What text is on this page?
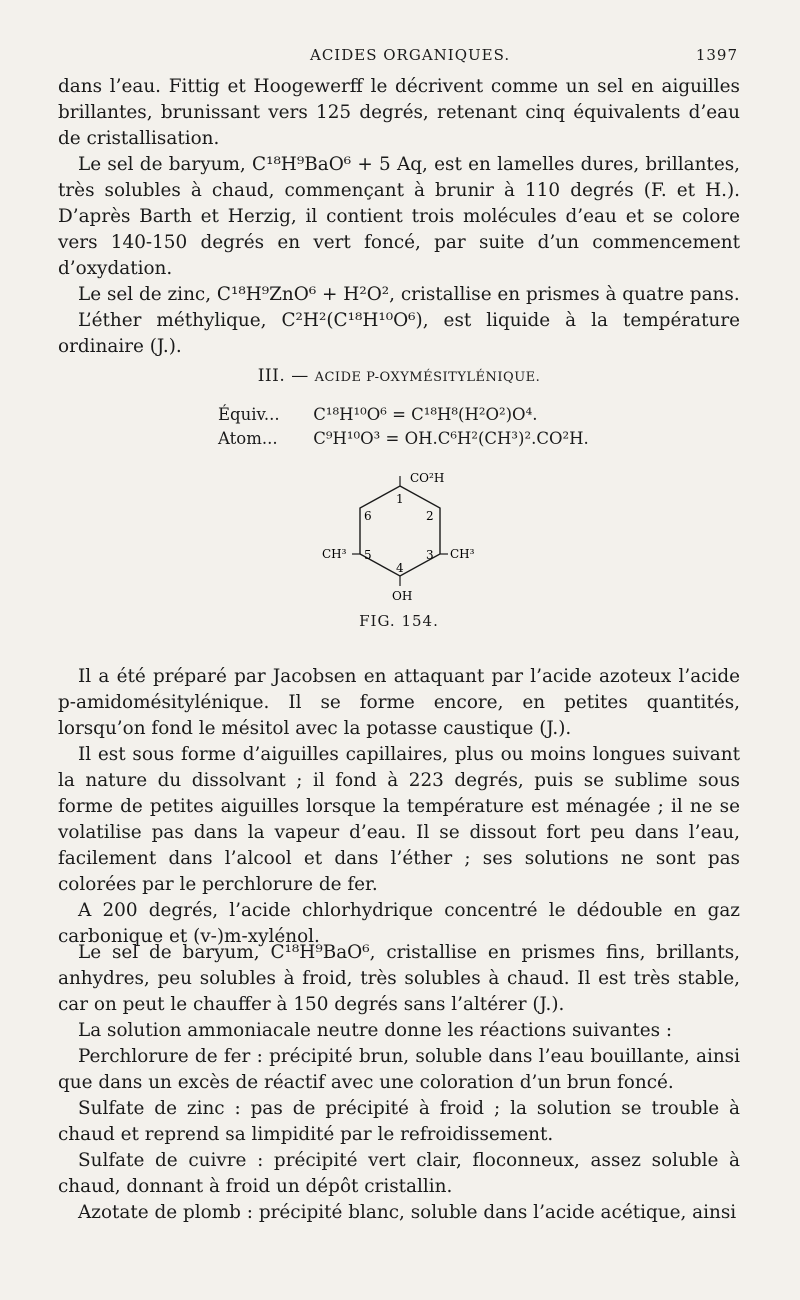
ACIDES ORGANIQUES.	1397

dans l’eau. Fittig et Hoogewerff le décrivent comme un sel en aiguilles brillantes, brunissant vers 125 degrés, retenant cinq équivalents d’eau de cristallisation.

Le sel de baryum, C¹⁸H⁹BaO⁶ + 5 Aq, est en lamelles dures, brillantes, très solubles à chaud, commençant à brunir à 110 degrés (F. et H.). D’après Barth et Herzig, il contient trois molécules d’eau et se colore vers 140-150 degrés en vert foncé, par suite d’un commencement d’oxydation.

Le sel de zinc, C¹⁸H⁹ZnO⁶ + H²O², cristallise en prismes à quatre pans.

L’éther méthylique, C²H²(C¹⁸H¹⁰O⁶), est liquide à la température ordinaire (J.).

III. — ACIDE P-OXYMÉSITYLÉNIQUE.
Équiv... C¹⁸H¹⁰O⁶ = C¹⁸H⁸(H²O²)O⁴.
Atom... C⁹H¹⁰O³ = OH.C⁶H²(CH³)².CO²H.
CO²H
CH³
CH³
OH
1
2
3
4
5
6
FIG. 154.

Il a été préparé par Jacobsen en attaquant par l’acide azoteux l’acide p-amidomésitylénique. Il se forme encore, en petites quantités, lorsqu’on fond le mésitol avec la potasse caustique (J.).

Il est sous forme d’aiguilles capillaires, plus ou moins longues suivant la nature du dissolvant ; il fond à 223 degrés, puis se sublime sous forme de petites aiguilles lorsque la température est ménagée ; il ne se volatilise pas dans la vapeur d’eau. Il se dissout fort peu dans l’eau, facilement dans l’alcool et dans l’éther ; ses solutions ne sont pas colorées par le perchlorure de fer.

A 200 degrés, l’acide chlorhydrique concentré le dédouble en gaz carbonique et (v-)m-xylénol.

Le sel de baryum, C¹⁸H⁹BaO⁶, cristallise en prismes fins, brillants, anhydres, peu solubles à froid, très solubles à chaud. Il est très stable, car on peut le chauffer à 150 degrés sans l’altérer (J.).

La solution ammoniacale neutre donne les réactions suivantes :

Perchlorure de fer : précipité brun, soluble dans l’eau bouillante, ainsi que dans un excès de réactif avec une coloration d’un brun foncé.

Sulfate de zinc : pas de précipité à froid ; la solution se trouble à chaud et reprend sa limpidité par le refroidissement.

Sulfate de cuivre : précipité vert clair, floconneux, assez soluble à chaud, donnant à froid un dépôt cristallin.

Azotate de plomb : précipité blanc, soluble dans l’acide acétique, ainsi
